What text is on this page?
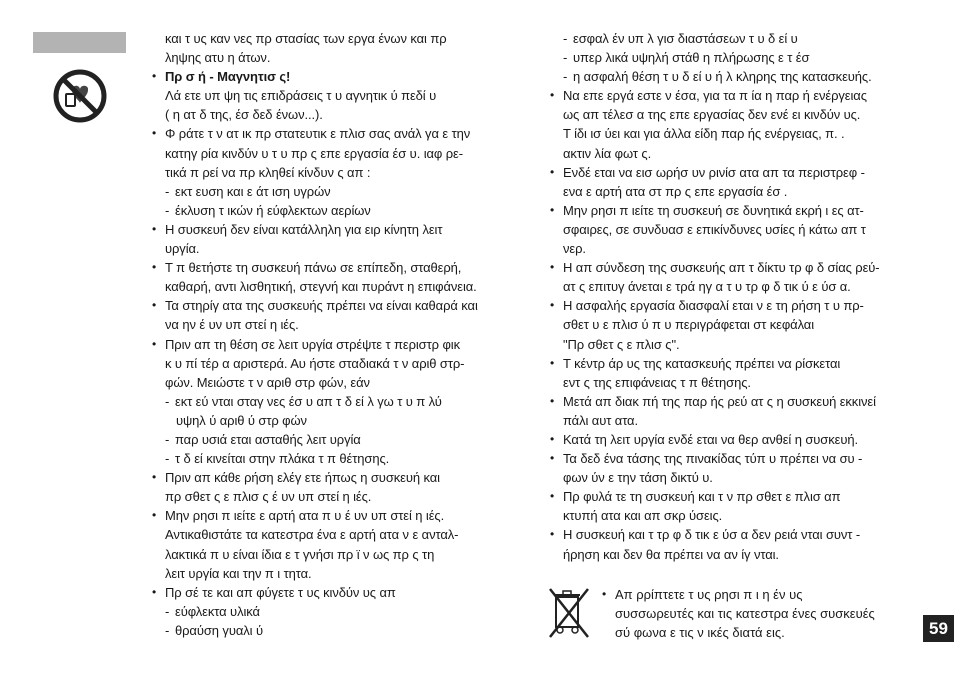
και τ υς καν νες πρ στασίας των εργα ένων και πρ
ληψης ατυ η άτων.
• Πρ σ ή - Μαγνητισ ς!
Λά ετε υπ ψη τις επιδράσεις τ υ αγνητικ ύ πεδί υ
( η ατ δ της, έσ δεδ ένων...).
• Φ ράτε τ ν ατ ικ πρ στατευτικ ε πλισ σας ανάλ γα ε την
κατηγ ρία κινδύν υ τ υ πρ ς επε εργασία έσ υ. ιαφ ρε-
τικά π ρεί να πρ κληθεί κίνδυν ς απ :
- εκτ ευση και ε άτ ιση υγρών
- έκλυση τ ικών ή εύφλεκτων αερίων
• Η συσκευή δεν είναι κατάλληλη για ειρ κίνητη λειτ
υργία.
• Τ π θετήστε τη συσκευή πάνω σε επίπεδη, σταθερή,
καθαρή, αντι λισθητική, στεγνή και πυράντ η επιφάνεια.
• Τα στηρίγ ατα της συσκευής πρέπει να είναι καθαρά και
να ην έ υν υπ στεί η ιές.
• Πριν απ τη θέση σε λειτ υργία στρέψτε τ περιστρ φικ
κ υ πί τέρ α αριστερά. Αυ ήστε σταδιακά τ ν αριθ στρ-
φών. Μειώστε τ ν αριθ στρ φών, εάν
- εκτ εύ νται σταγ νες έσ υ απ τ δ εί λ γω τ υ π λύ
υψηλ ύ αριθ ύ στρ φών
- παρ υσιά εται ασταθής λειτ υργία
- τ δ εί κινείται στην πλάκα τ π θέτησης.
• Πριν απ κάθε ρήση ελέγ ετε ήπως η συσκευή και
πρ σθετ ς ε πλισ ς έ υν υπ στεί η ιές.
• Μην ρησι π ιείτε ε αρτή ατα π υ έ υν υπ στεί η ιές.
Αντικαθιστάτε τα κατεστρα ένα ε αρτή ατα ν ε ανταλ-
λακτικά π υ είναι ίδια ε τ γνήσι πρ ϊ ν ως πρ ς τη
λειτ υργία και την π ι τητα.
• Πρ σέ τε και απ φύγετε τ υς κινδύν υς απ
- εύφλεκτα υλικά
- θραύση γυαλι ύ
- εσφαλ έν υπ λ γισ διαστάσεων τ υ δ εί υ
- υπερ λικά υψηλή στάθ η πλήρωσης ε τ έσ
- η ασφαλή θέση τ υ δ εί υ ή λ κληρης της κατασκευής.
• Να επε εργά εστε ν έσα, για τα π ία η παρ ή ενέργειας
ως απ τέλεσ α της επε εργασίας δεν ενέ ει κινδύν υς.
Τ ίδι ισ ύει και για άλλα είδη παρ ής ενέργειας, π. .
ακτιν λία φωτ ς.
• Ενδέ εται να εισ ωρήσ υν ρινίσ ατα απ τα περιστρεφ -
ενα ε αρτή ατα στ πρ ς επε εργασία έσ .
• Μην ρησι π ιείτε τη συσκευή σε δυνητικά εκρή ι ες ατ-
σφαιρες, σε συνδυασ ε επικίνδυνες υσίες ή κάτω απ τ
νερ.
• Η απ σύνδεση της συσκευής απ τ δίκτυ τρ φ δ σίας ρεύ-
ατ ς επιτυγ άνεται ε τρά ηγ α τ υ τρ φ δ τικ ύ ε ύσ α.
• Η ασφαλής εργασία διασφαλί εται ν ε τη ρήση τ υ πρ-
σθετ υ ε πλισ ύ π υ περιγράφεται στ κεφάλαι
"Πρ σθετ ς ε πλισ ς".
• Τ κέντρ άρ υς της κατασκευής πρέπει να ρίσκεται
εντ ς της επιφάνειας τ π θέτησης.
• Μετά απ διακ πή της παρ ής ρεύ ατ ς η συσκευή εκκινεί
πάλι αυτ ατα.
• Κατά τη λειτ υργία ενδέ εται να θερ ανθεί η συσκευή.
• Τα δεδ ένα τάσης της πινακίδας τύπ υ πρέπει να συ -
φων ύν ε την τάση δικτύ υ.
• Πρ φυλά τε τη συσκευή και τ ν πρ σθετ ε πλισ απ
κτυπή ατα και απ σκρ ύσεις.
• Η συσκευή και τ τρ φ δ τικ ε ύσ α δεν ρειά νται συντ -
ήρηση και δεν θα πρέπει να αν ίγ νται.
• Απ ρρίπτετε τ υς ρησι π ι η έν υς
συσσωρευτές και τις κατεστρα ένες συσκευές
σύ φωνα ε τις ν ικές διατά εις.	59
